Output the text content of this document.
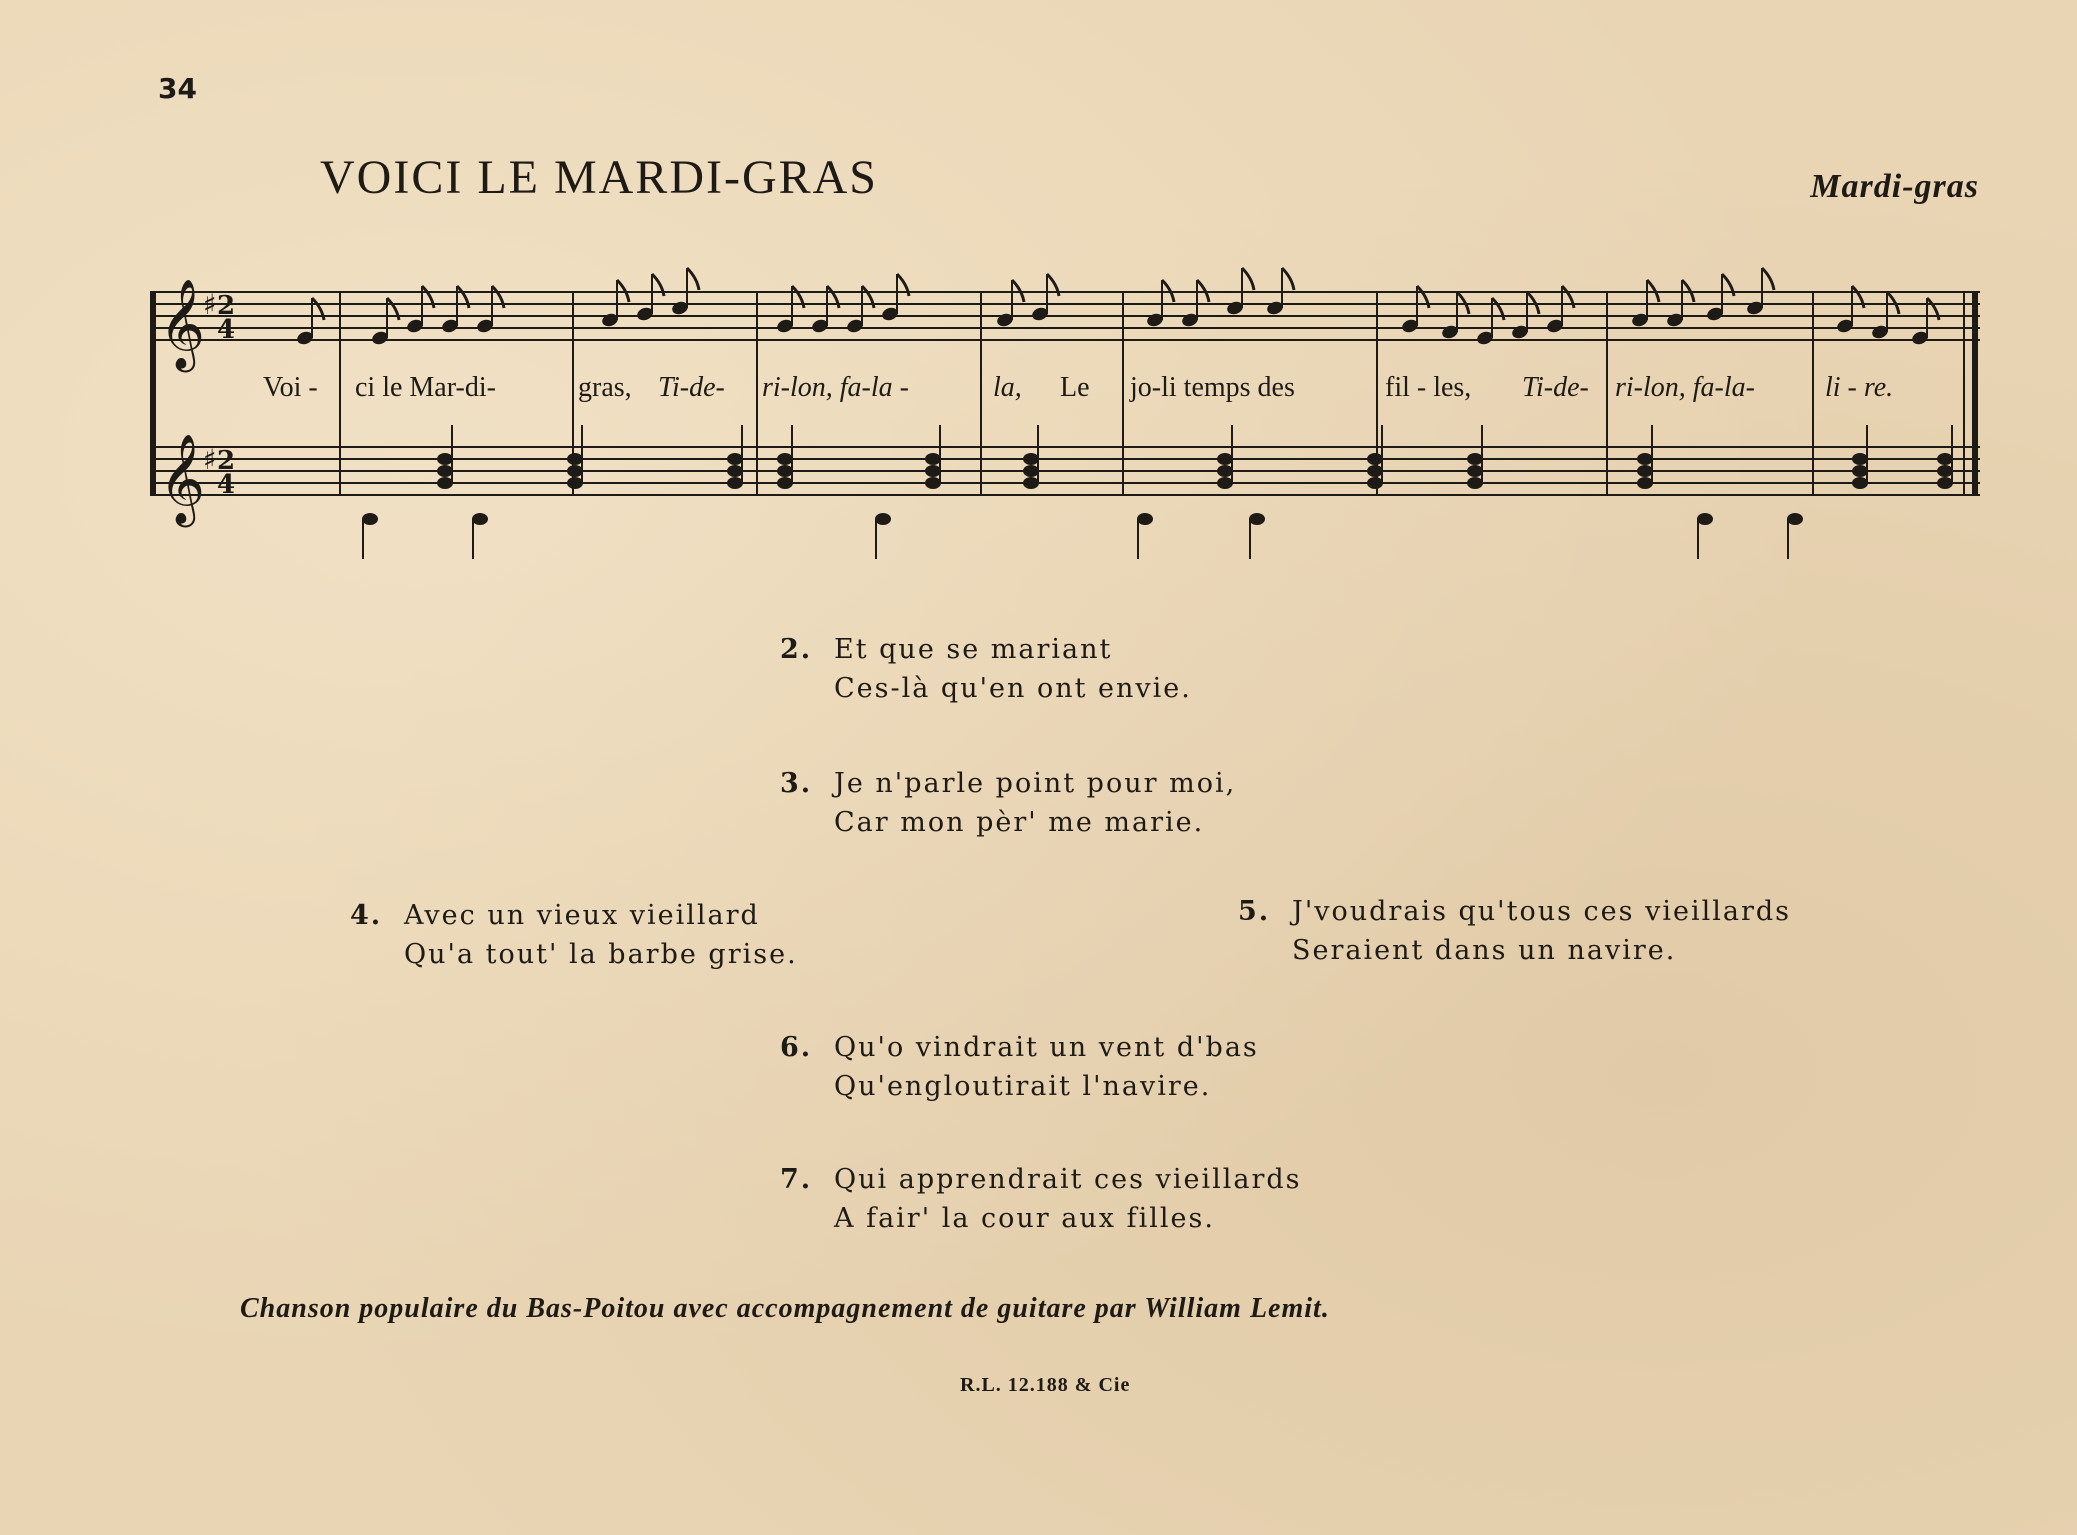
34
VOICI LE MARDI-GRAS	Mardi-gras
𝄞
♯ 2
4
𝄞
♯ 2
4
Voi - ci le Mar-di-	gras, Ti-de- ri-lon, fa-la -	la, Le jo-li temps des	fil - les, Ti-de- ri-lon, fa-la-	li - re.
2. Et que se mariant
Ces-là qu'en ont envie.
3. Je n'parle point pour moi,
Car mon pèr' me marie.
4. Avec un vieux vieillard
Qu'a tout' la barbe grise.
5. J'voudrais qu'tous ces vieillards
Seraient dans un navire.
6. Qu'o vindrait un vent d'bas
Qu'engloutirait l'navire.
7. Qui apprendrait ces vieillards
A fair' la cour aux filles.
Chanson populaire du Bas-Poitou avec accompagnement de guitare par William Lemit.
R.L. 12.188 & Cie
